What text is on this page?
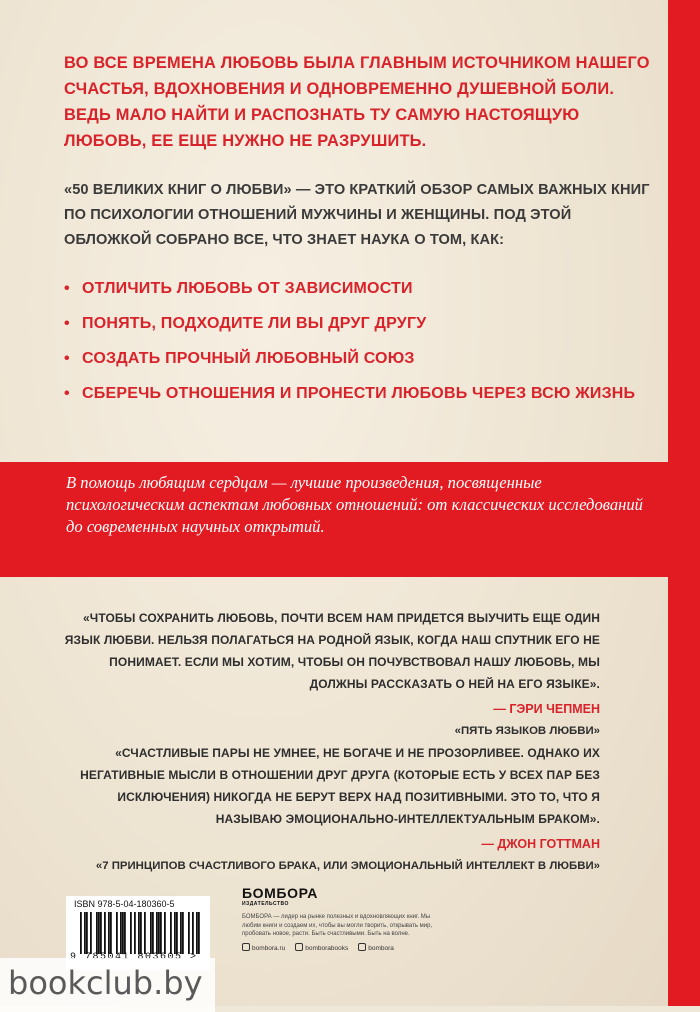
ВО ВСЕ ВРЕМЕНА ЛЮБОВЬ БЫЛА ГЛАВНЫМ ИСТОЧНИКОМ НАШЕГО СЧАСТЬЯ, ВДОХНОВЕНИЯ И ОДНОВРЕМЕННО ДУШЕВНОЙ БОЛИ. ВЕДЬ МАЛО НАЙТИ И РАСПОЗНАТЬ ТУ САМУЮ НАСТОЯЩУЮ ЛЮБОВЬ, ЕЕ ЕЩЕ НУЖНО НЕ РАЗРУШИТЬ.

«50 ВЕЛИКИХ КНИГ О ЛЮБВИ» — ЭТО КРАТКИЙ ОБЗОР САМЫХ ВАЖНЫХ КНИГ ПО ПСИХОЛОГИИ ОТНОШЕНИЙ МУЖЧИНЫ И ЖЕНЩИНЫ. ПОД ЭТОЙ ОБЛОЖКОЙ СОБРАНО ВСЕ, ЧТО ЗНАЕТ НАУКА О ТОМ, КАК:

• ОТЛИЧИТЬ ЛЮБОВЬ ОТ ЗАВИСИМОСТИ
• ПОНЯТЬ, ПОДХОДИТЕ ЛИ ВЫ ДРУГ ДРУГУ
• СОЗДАТЬ ПРОЧНЫЙ ЛЮБОВНЫЙ СОЮЗ
• СБЕРЕЧЬ ОТНОШЕНИЯ И ПРОНЕСТИ ЛЮБОВЬ ЧЕРЕЗ ВСЮ ЖИЗНЬ

В помощь любящим сердцам — лучшие произведения, посвященные психологическим аспектам любовных отношений: от классических исследований до современных научных открытий.

«ЧТОБЫ СОХРАНИТЬ ЛЮБОВЬ, ПОЧТИ ВСЕМ НАМ ПРИДЕТСЯ ВЫУЧИТЬ ЕЩЕ ОДИН ЯЗЫК ЛЮБВИ. НЕЛЬЗЯ ПОЛАГАТЬСЯ НА РОДНОЙ ЯЗЫК, КОГДА НАШ СПУТНИК ЕГО НЕ ПОНИМАЕТ. ЕСЛИ МЫ ХОТИМ, ЧТОБЫ ОН ПОЧУВСТВОВАЛ НАШУ ЛЮБОВЬ, МЫ ДОЛЖНЫ РАССКАЗАТЬ О НЕЙ НА ЕГО ЯЗЫКЕ».

— ГЭРИ ЧЕПМЕН

«ПЯТЬ ЯЗЫКОВ ЛЮБВИ»

«СЧАСТЛИВЫЕ ПАРЫ НЕ УМНЕЕ, НЕ БОГАЧЕ И НЕ ПРОЗОРЛИВЕЕ. ОДНАКО ИХ НЕГАТИВНЫЕ МЫСЛИ В ОТНОШЕНИИ ДРУГ ДРУГА (КОТОРЫЕ ЕСТЬ У ВСЕХ ПАР БЕЗ ИСКЛЮЧЕНИЯ) НИКОГДА НЕ БЕРУТ ВЕРХ НАД ПОЗИТИВНЫМИ. ЭТО ТО, ЧТО Я НАЗЫВАЮ ЭМОЦИОНАЛЬНО-ИНТЕЛЛЕКТУАЛЬНЫМ БРАКОМ».

— ДЖОН ГОТТМАН

«7 ПРИНЦИПОВ СЧАСТЛИВОГО БРАКА, ИЛИ ЭМОЦИОНАЛЬНЫЙ ИНТЕЛЛЕКТ В ЛЮБВИ»

ISBN 978-5-04-180360-5

БОМБОРА

ИЗДАТЕЛЬСТВО

БОМБОРА — лидер на рынке полезных и вдохновляющих книг. Мы любим книги и создаем их, чтобы вы могли творить, открывать мир, пробовать новое, расти. Быть счастливыми. Быть на волне.

bombora.ru	bomborabooks	bombora
bookclub.by
